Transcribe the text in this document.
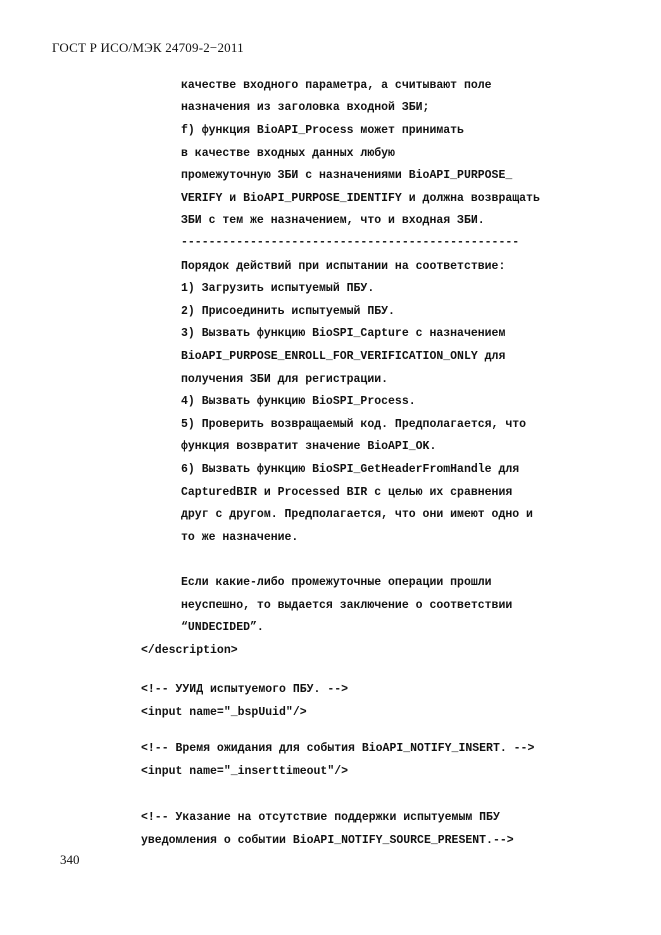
ГОСТ Р ИСО/МЭК 24709-2−2011
качестве входного параметра, а считывают поле
назначения из заголовка входной ЗБИ;
f) функция BioAPI_Process может принимать
в качестве входных данных любую
промежуточную ЗБИ с назначениями BioAPI_PURPOSE_
VERIFY и BioAPI_PURPOSE_IDENTIFY и должна возвращать
ЗБИ с тем же назначением, что и входная ЗБИ.
-------------------------------------------------
Порядок действий при испытании на соответствие:
1) Загрузить испытуемый ПБУ.
2) Присоединить испытуемый ПБУ.
3) Вызвать функцию BioSPI_Capture с назначением
BioAPI_PURPOSE_ENROLL_FOR_VERIFICATION_ONLY для
получения ЗБИ для регистрации.
4) Вызвать функцию BioSPI_Process.
5) Проверить возвращаемый код. Предполагается, что
функция возвратит значение BioAPI_OK.
6) Вызвать функцию BioSPI_GetHeaderFromHandle для
CapturedBIR и Processed BIR с целью их сравнения
друг с другом. Предполагается, что они имеют одно и
то же назначение.
Если какие-либо промежуточные операции прошли
неуспешно, то выдается заключение о соответствии
“UNDECIDED”.
</description>
<!-- УУИД испытуемого ПБУ. -->
<input name="_bspUuid"/>
<!-- Время ожидания для события BioAPI_NOTIFY_INSERT. -->
<input name="_inserttimeout"/>
<!-- Указание на отсутствие поддержки испытуемым ПБУ
уведомления о событии BioAPI_NOTIFY_SOURCE_PRESENT.-->
340
